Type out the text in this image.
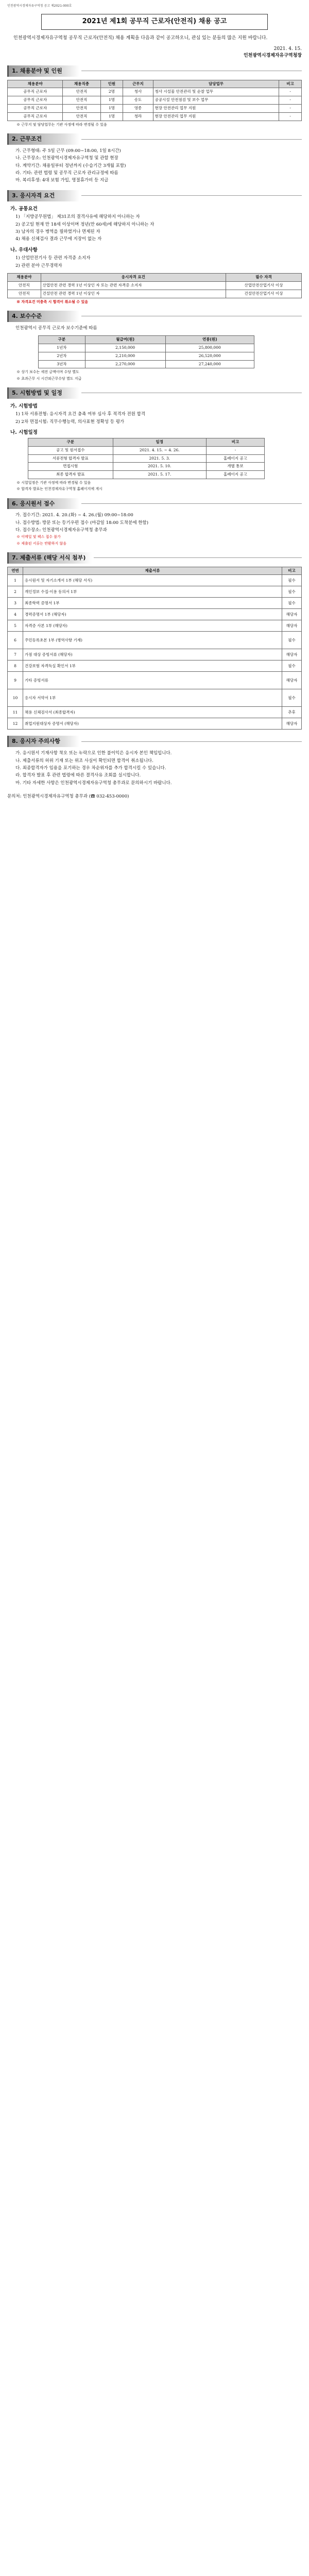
인천광역시경제자유구역청 공고 제2021-000호
2021년 제1회 공무직 근로자(안전직) 채용 공고

인천광역시경제자유구역청 공무직 근로자(안전직) 채용 계획을 다음과 같이 공고하오니, 관심 있는 분들의 많은 지원 바랍니다.

2021. 4. 15.

인천광역시경제자유구역청장

1. 채용분야 및 인원
채용분야	채용직종	인원	근무지	담당업무	비고
공무직 근로자	안전직	2명	청사	청사 시설물 안전관리 및 순찰 업무	-
공무직 근로자	안전직	1명	송도	공공시설 안전점검 및 보수 업무	-
공무직 근로자	안전직	1명	영종	현장 안전관리 업무 지원	-
공무직 근로자	안전직	1명	청라	현장 안전관리 업무 지원	-

※ 근무지 및 담당업무는 기관 사정에 따라 변경될 수 있음

2. 근무조건

가. 근무형태: 주 5일 근무 (09:00~18:00, 1일 8시간)

나. 근무장소: 인천광역시경제자유구역청 및 관할 현장

다. 계약기간: 채용일부터 정년까지 (수습기간 3개월 포함)

라. 기타: 관련 법령 및 공무직 근로자 관리규정에 따름

마. 복리후생: 4대 보험 가입, 명절휴가비 등 지급

3. 응시자격 요건

가. 공통요건

1) 「지방공무원법」 제31조의 결격사유에 해당하지 아니하는 자

2) 공고일 현재 만 18세 이상이며 정년(만 60세)에 해당하지 아니하는 자

3) 남자의 경우 병역을 필하였거나 면제된 자

4) 채용 신체검사 결과 근무에 지장이 없는 자

나. 우대사항

1) 산업안전기사 등 관련 자격증 소지자

2) 관련 분야 근무경력자

채용분야	응시자격 요건	필수 자격
안전직	산업안전 관련 경력 1년 이상인 자 또는 관련 자격증 소지자	산업안전산업기사 이상
안전직	건설안전 관련 경력 1년 이상인 자	건설안전산업기사 이상

※ 자격요건 미충족 시 합격이 취소될 수 있음

4. 보수수준

인천광역시 공무직 근로자 보수기준에 따름

구분	월급여(원)	연봉(원)
1년차	2,150,000	25,800,000
2년차	2,210,000	26,520,000
3년차	2,270,000	27,240,000

※ 상기 보수는 세전 금액이며 수당 별도

※ 초과근무 시 시간외근무수당 별도 지급

5. 시험방법 및 일정

가. 시험방법

1) 1차 서류전형: 응시자격 요건 충족 여부 심사 후 적격자 전원 합격

2) 2차 면접시험: 직무수행능력, 의사표현 정확성 등 평가

나. 시험일정

구분	일정	비고
공고 및 원서접수	2021. 4. 15. ~ 4. 26.	-
서류전형 합격자 발표	2021. 5. 3.	홈페이지 공고
면접시험	2021. 5. 10.	개별 통보
최종 합격자 발표	2021. 5. 17.	홈페이지 공고

※ 시험일정은 기관 사정에 따라 변경될 수 있음

※ 합격자 발표는 인천경제자유구역청 홈페이지에 게시

6. 응시원서 접수

가. 접수기간: 2021. 4. 20.(화) ~ 4. 26.(월) 09:00~18:00

나. 접수방법: 방문 또는 등기우편 접수 (마감일 18:00 도착분에 한함)

다. 접수장소: 인천광역시경제자유구역청 총무과

※ 이메일 및 팩스 접수 불가

※ 제출된 서류는 반환하지 않음

7. 제출서류 (해당 서식 첨부)
연번	제출서류	비고
1	응시원서 및 자기소개서 1부 (해당 서식)	필수
2	개인정보 수집·이용 동의서 1부	필수
3	최종학력 증명서 1부	필수
4	경력증명서 1부 (해당자)	해당자
5	자격증 사본 1부 (해당자)	해당자
6	주민등록초본 1부 (병역사항 기재)	필수
7	가점 대상 증빙서류 (해당자)	해당자
8	건강보험 자격득실 확인서 1부	필수
9	기타 증빙서류	해당자
10	응시자 서약서 1부	필수
11	채용 신체검사서 (최종합격자)	추후
12	취업지원대상자 증명서 (해당자)	해당자
8. 응시자 주의사항

가. 응시원서 기재사항 착오 또는 누락으로 인한 불이익은 응시자 본인 책임입니다.

나. 제출서류의 허위 기재 또는 위조 사실이 확인되면 합격이 취소됩니다.

다. 최종합격자가 임용을 포기하는 경우 차순위자를 추가 합격시킬 수 있습니다.

라. 합격자 발표 후 관련 법령에 따른 결격사유 조회를 실시합니다.

마. 기타 자세한 사항은 인천광역시경제자유구역청 총무과로 문의하시기 바랍니다.

문의처: 인천광역시경제자유구역청 총무과 (☎ 032-453-0000)
